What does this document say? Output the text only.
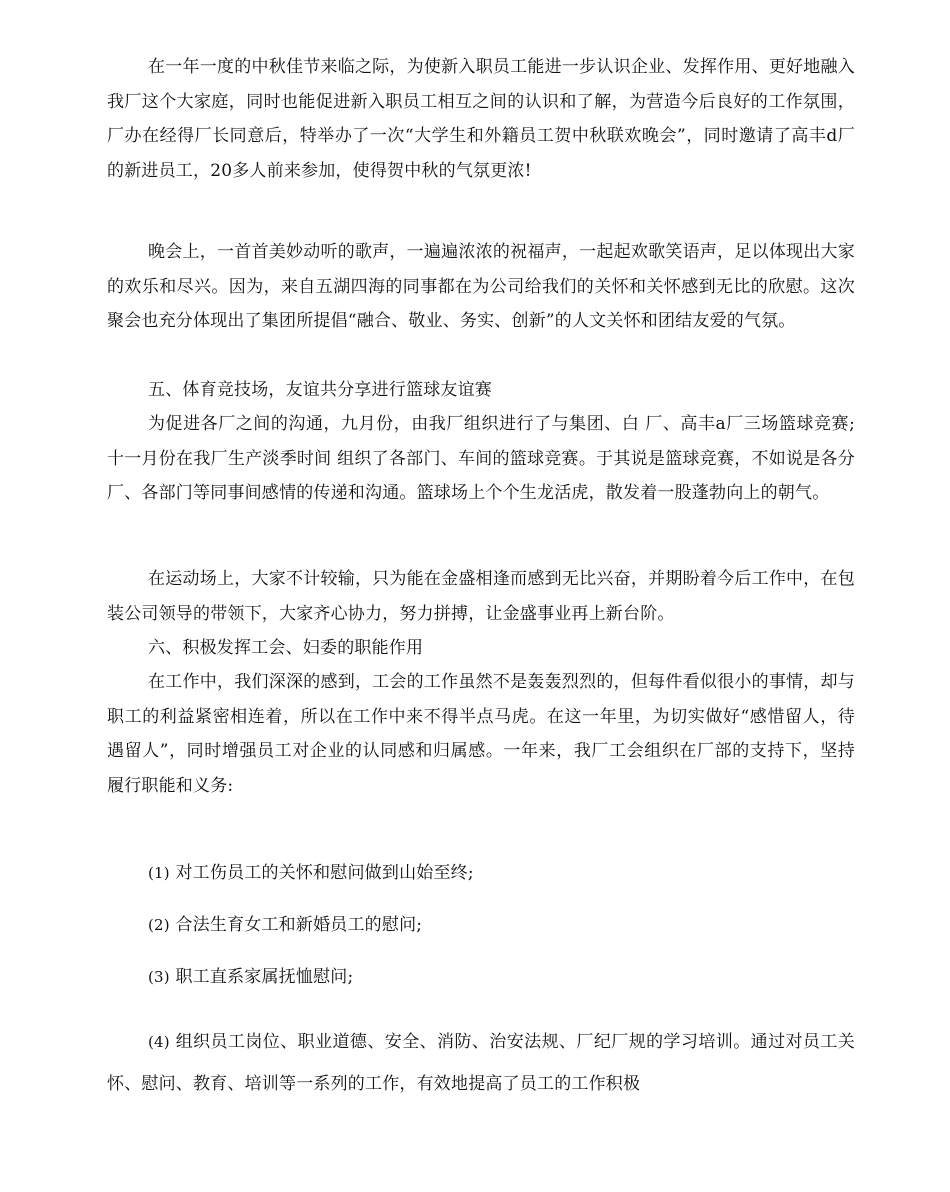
在一年一度的中秋佳节来临之际，为使新入职员工能进一步认识企业、发挥作用、更好地融入我厂这个大家庭，同时也能促进新入职员工相互之间的认识和了解，为营造今后良好的工作氛围，厂办在经得厂长同意后，特举办了一次“大学生和外籍员工贺中秋联欢晚会”，同时邀请了高丰d厂的新进员工，20多人前来参加，使得贺中秋的气氛更浓!

晚会上，一首首美妙动听的歌声，一遍遍浓浓的祝福声，一起起欢歌笑语声，足以体现出大家的欢乐和尽兴。因为，来自五湖四海的同事都在为公司给我们的关怀和关怀感到无比的欣慰。这次聚会也充分体现出了集团所提倡“融合、敬业、务实、创新”的人文关怀和团结友爱的气氛。

五、体育竞技场，友谊共分享进行篮球友谊赛

为促进各厂之间的沟通，九月份，由我厂组织进行了与集团、白 厂、高丰a厂三场篮球竞赛;十一月份在我厂生产淡季时间 组织了各部门、车间的篮球竞赛。于其说是篮球竞赛，不如说是各分厂、各部门等同事间感情的传递和沟通。篮球场上个个生龙活虎，散发着一股蓬勃向上的朝气。

在运动场上，大家不计较输，只为能在金盛相逢而感到无比兴奋，并期盼着今后工作中，在包装公司领导的带领下，大家齐心协力，努力拼搏，让金盛事业再上新台阶。

六、积极发挥工会、妇委的职能作用

在工作中，我们深深的感到，工会的工作虽然不是轰轰烈烈的，但每件看似很小的事情，却与职工的利益紧密相连着，所以在工作中来不得半点马虎。在这一年里，为切实做好“感惜留人，待遇留人”，同时增强员工对企业的认同感和归属感。一年来，我厂工会组织在厂部的支持下，坚持履行职能和义务:

(1) 对工伤员工的关怀和慰问做到山始至终;

(2) 合法生育女工和新婚员工的慰问;

(3) 职工直系家属抚恤慰问;

(4) 组织员工岗位、职业道德、安全、消防、治安法规、厂纪厂规的学习培训。通过对员工关怀、慰问、教育、培训等一系列的工作，有效地提高了员工的工作积极
